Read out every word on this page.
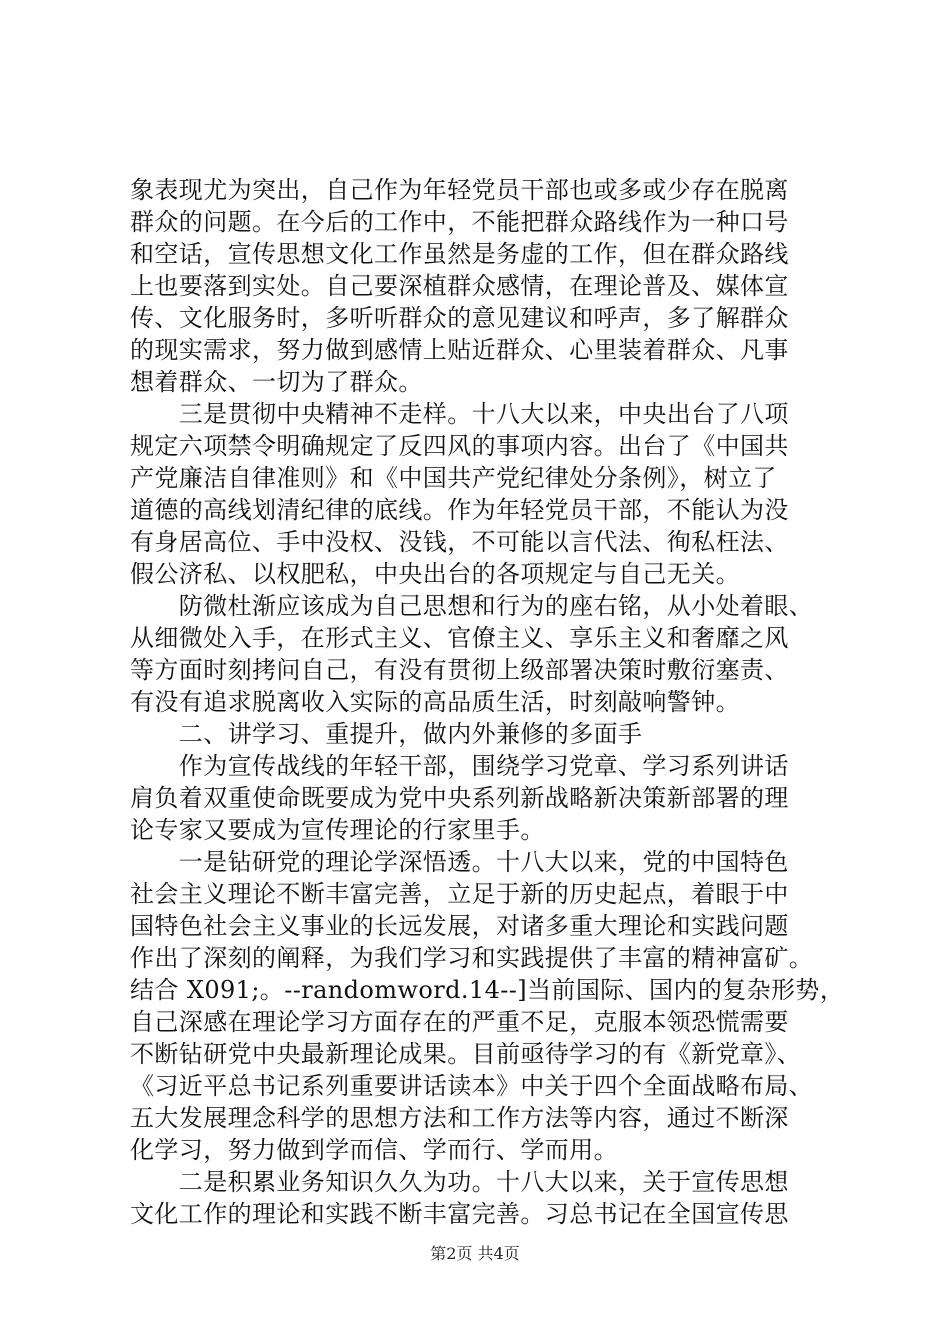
象表现尤为突出，自己作为年轻党员干部也或多或少存在脱离
群众的问题。在今后的工作中，不能把群众路线作为一种口号
和空话，宣传思想文化工作虽然是务虚的工作，但在群众路线
上也要落到实处。自己要深植群众感情，在理论普及、媒体宣
传、文化服务时，多听听群众的意见建议和呼声，多了解群众
的现实需求，努力做到感情上贴近群众、心里装着群众、凡事
想着群众、一切为了群众。
　　三是贯彻中央精神不走样。十八大以来，中央出台了八项
规定六项禁令明确规定了反四风的事项内容。出台了《中国共
产党廉洁自律准则》和《中国共产党纪律处分条例》，树立了
道德的高线划清纪律的底线。作为年轻党员干部，不能认为没
有身居高位、手中没权、没钱，不可能以言代法、徇私枉法、
假公济私、以权肥私，中央出台的各项规定与自己无关。
　　防微杜渐应该成为自己思想和行为的座右铭，从小处着眼、
从细微处入手，在形式主义、官僚主义、享乐主义和奢靡之风
等方面时刻拷问自己，有没有贯彻上级部署决策时敷衍塞责、
有没有追求脱离收入实际的高品质生活，时刻敲响警钟。
　　二、讲学习、重提升，做内外兼修的多面手
　　作为宣传战线的年轻干部，围绕学习党章、学习系列讲话
肩负着双重使命既要成为党中央系列新战略新决策新部署的理
论专家又要成为宣传理论的行家里手。
　　一是钻研党的理论学深悟透。十八大以来，党的中国特色
社会主义理论不断丰富完善，立足于新的历史起点，着眼于中
国特色社会主义事业的长远发展，对诸多重大理论和实践问题
作出了深刻的阐释，为我们学习和实践提供了丰富的精神富矿。
结合 X091;。--randomword.14--]当前国际、国内的复杂形势，
自己深感在理论学习方面存在的严重不足，克服本领恐慌需要
不断钻研党中央最新理论成果。目前亟待学习的有《新党章》、
《习近平总书记系列重要讲话读本》中关于四个全面战略布局、
五大发展理念科学的思想方法和工作方法等内容，通过不断深
化学习，努力做到学而信、学而行、学而用。
　　二是积累业务知识久久为功。十八大以来，关于宣传思想
文化工作的理论和实践不断丰富完善。习总书记在全国宣传思
第2页 共4页
